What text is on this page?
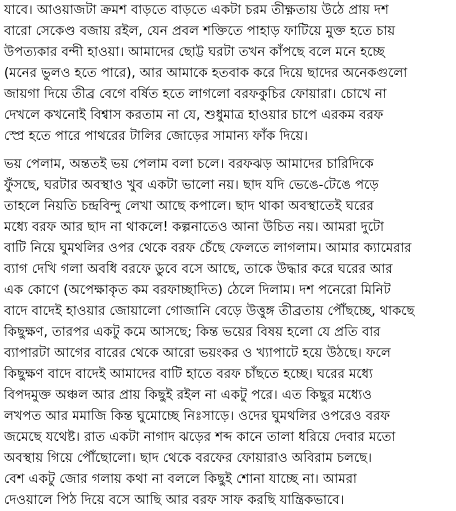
যাবে। আওয়াজটা ক্রমশ বাড়তে বাড়তে একটা চরম তীক্ষ্ণতায় উঠে প্রায় দশ
বারো সেকেণ্ড বজায় রইল, যেন প্রবল শক্তিতে পাহাড় ফাটিয়ে মুক্ত হতে চায়
উপত্যকার বন্দী হাওয়া। আমাদের ছোট্ট ঘরটা তখন কাঁপছে বলে মনে হচ্ছে
(মনের ভুলও হতে পারে), আর আমাকে হতবাক করে দিয়ে ছাদের অনেকগুলো
জায়গা দিয়ে তীব্র বেগে বর্ষিত হতে লাগলো বরফকুচির ফোয়ারা। চোখে না
দেখলে কখনোই বিশ্বাস করতাম না যে, শুধুমাত্র হাওয়ার চাপে এরকম বরফ
স্প্রে হতে পারে পাথরের টালির জোড়ের সামান্য ফাঁক দিয়ে।
ভয় পেলাম, অন্ততই ভয় পেলাম বলা চলে। বরফঝড় আমাদের চারিদিকে
ফুঁসছে, ঘরটার অবস্থাও খুব একটা ভালো নয়। ছাদ যদি ভেঙে-টেঙে পড়ে
তাহলে নিয়তি চন্দ্রবিন্দু লেখা আছে কপালে। ছাদ থাকা অবস্থাতেই ঘরের
মধ্যে বরফ আর ছাদ না থাকলে! কল্পনাতেও আনা উচিত নয়। আমরা দুটো
বাটি নিয়ে ঘুমথলির ওপর থেকে বরফ চেঁছে ফেলতে লাগলাম। আমার ক্যামেরার
ব্যাগ দেখি গলা অবধি বরফে ডুবে বসে আছে, তাকে উদ্ধার করে ঘরের আর
এক কোণে (অপেক্ষাকৃত কম বরফাচ্ছাদিত) ঠেলে দিলাম। দশ পনেরো মিনিট
বাদে বাদেই হাওয়ার জোয়ালো গোজানি বেড়ে উত্তুঙ্গ তীব্রতায় পৌঁছচ্ছে, থাকছে
কিছুক্ষণ, তারপর একটু কমে আসছে; কিন্ত ভয়ের বিষয় হলো যে প্রতি বার
ব্যাপারটা আগের বারের থেকে আরো ভয়ংকর ও খ্যাপাটে হয়ে উঠছে। ফলে
কিছুক্ষণ বাদে বাদেই আমাদের বাটি হাতে বরফ চাঁছতে হচ্ছে। ঘরের মধ্যে
বিপদমুক্ত অঞ্চল আর প্রায় কিছুই রইল না একটু পরে। এত কিছুর মধ্যেও
লখপত আর মমাজি কিন্ত ঘুমোচ্ছে নিঃসাড়ে। ওদের ঘুমথলির ওপরেও বরফ
জমেছে যথেষ্ট। রাত একটা নাগাদ ঝড়ের শব্দ কানে তালা ধরিয়ে দেবার মতো
অবস্থায় গিয়ে পৌঁছোলো। ছাদ থেকে বরফের ফোয়ারাও অবিরাম চলছে।
বেশ একটু জোর গলায় কথা না বললে কিছুই শোনা যাচ্ছে না। আমরা
দেওয়ালে পিঠ দিয়ে বসে আছি আর বরফ সাফ করছি যান্ত্রিকভাবে।
